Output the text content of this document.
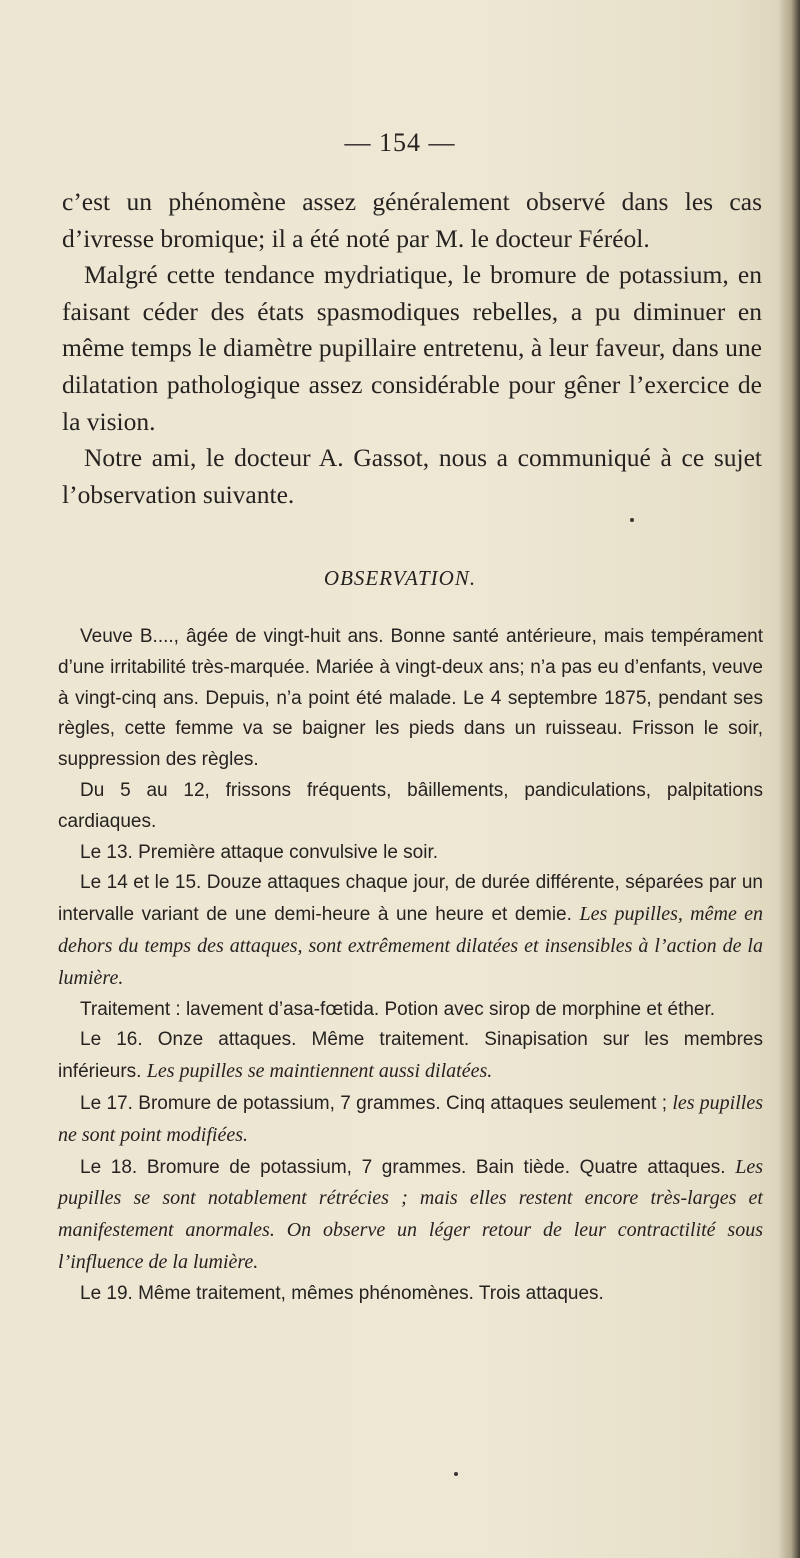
— 154 —

c’est un phénomène assez généralement observé dans les cas d’ivresse bromique; il a été noté par M. le docteur Féréol.

Malgré cette tendance mydriatique, le bromure de potassium, en faisant céder des états spasmodiques rebelles, a pu diminuer en même temps le diamètre pupillaire entretenu, à leur faveur, dans une dilatation pathologique assez considérable pour gêner l’exercice de la vision.

Notre ami, le docteur A. Gassot, nous a communiqué à ce sujet l’observation suivante.

OBSERVATION.

Veuve B...., âgée de vingt-huit ans. Bonne santé antérieure, mais tempérament d’une irritabilité très-marquée. Mariée à vingt-deux ans; n’a pas eu d’enfants, veuve à vingt-cinq ans. Depuis, n’a point été malade. Le 4 septembre 1875, pendant ses règles, cette femme va se baigner les pieds dans un ruisseau. Frisson le soir, suppression des règles.

Du 5 au 12, frissons fréquents, bâillements, pandiculations, palpitations cardiaques.

Le 13. Première attaque convulsive le soir.

Le 14 et le 15. Douze attaques chaque jour, de durée différente, séparées par un intervalle variant de une demi-heure à une heure et demie. Les pupilles, même en dehors du temps des attaques, sont extrêmement dilatées et insensibles à l’action de la lumière.

Traitement : lavement d’asa-fœtida. Potion avec sirop de morphine et éther.

Le 16. Onze attaques. Même traitement. Sinapisation sur les membres inférieurs. Les pupilles se maintiennent aussi dilatées.

Le 17. Bromure de potassium, 7 grammes. Cinq attaques seulement ; les pupilles ne sont point modifiées.

Le 18. Bromure de potassium, 7 grammes. Bain tiède. Quatre attaques. Les pupilles se sont notablement rétrécies ; mais elles restent encore très-larges et manifestement anormales. On observe un léger retour de leur contractilité sous l’influence de la lumière.

Le 19. Même traitement, mêmes phénomènes. Trois attaques.
